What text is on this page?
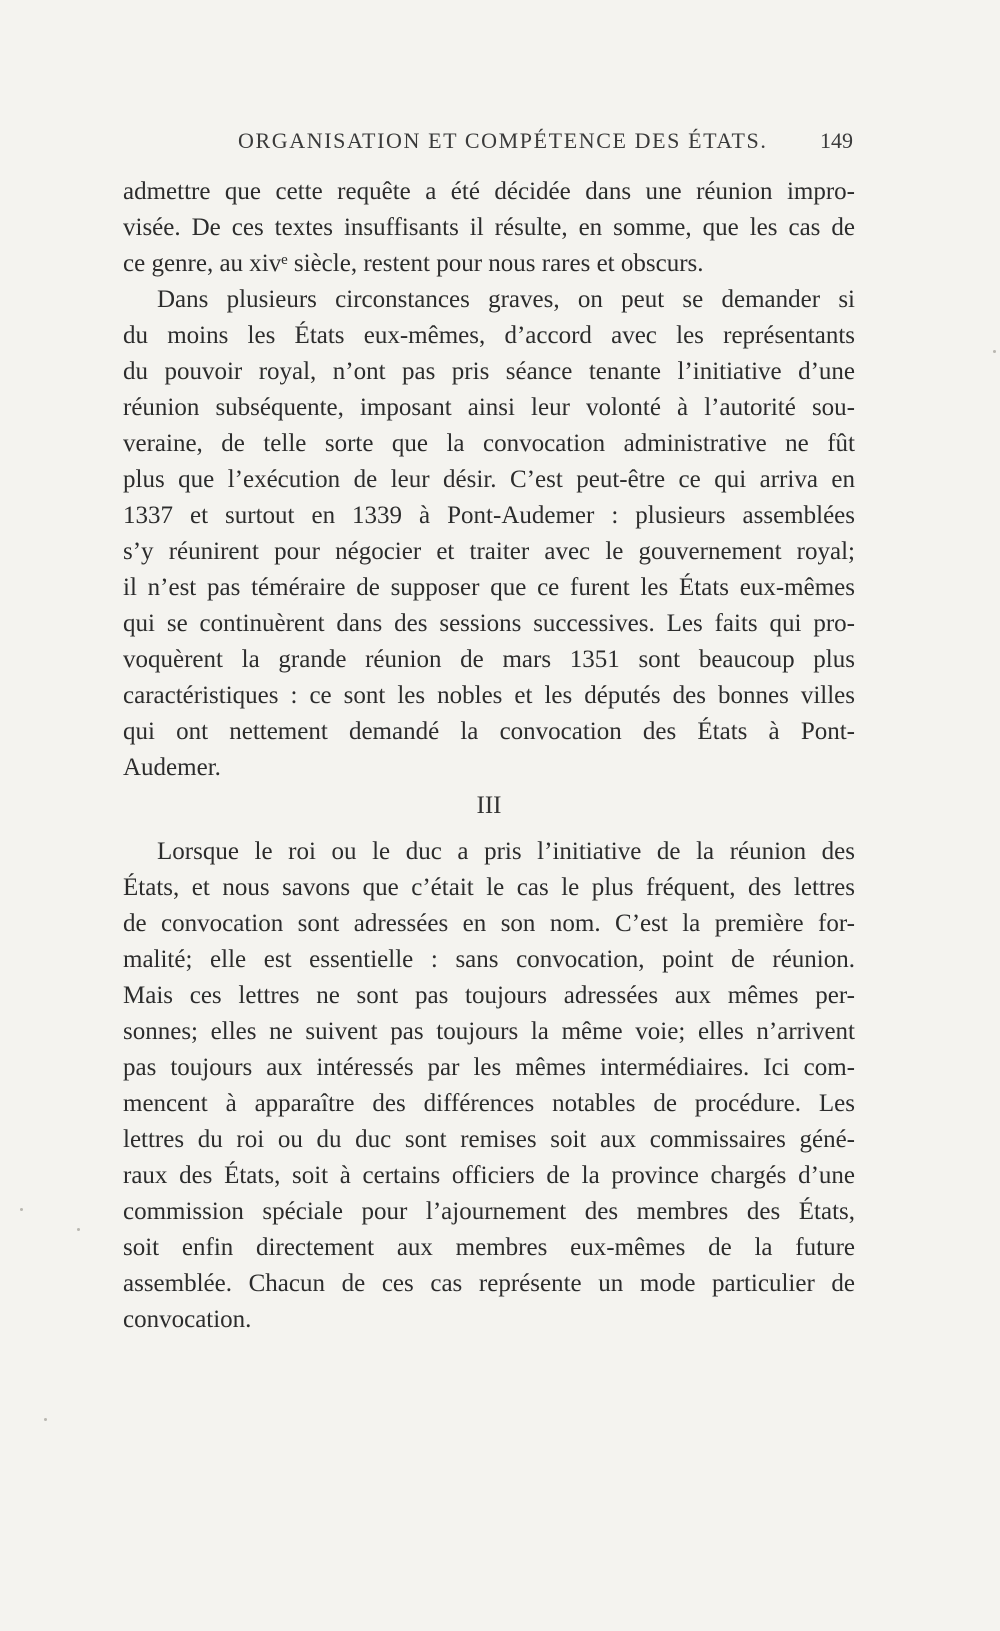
ORGANISATION ET COMPÉTENCE DES ÉTATS. 149
admettre que cette requête a été décidée dans une réunion impro-
visée. De ces textes insuffisants il résulte, en somme, que les cas de
ce genre, au xivᵉ siècle, restent pour nous rares et obscurs.
Dans plusieurs circonstances graves, on peut se demander si
du moins les États eux-mêmes, d’accord avec les représentants
du pouvoir royal, n’ont pas pris séance tenante l’initiative d’une
réunion subséquente, imposant ainsi leur volonté à l’autorité sou-
veraine, de telle sorte que la convocation administrative ne fût
plus que l’exécution de leur désir. C’est peut-être ce qui arriva en
1337 et surtout en 1339 à Pont-Audemer : plusieurs assemblées
s’y réunirent pour négocier et traiter avec le gouvernement royal;
il n’est pas téméraire de supposer que ce furent les États eux-mêmes
qui se continuèrent dans des sessions successives. Les faits qui pro-
voquèrent la grande réunion de mars 1351 sont beaucoup plus
caractéristiques : ce sont les nobles et les députés des bonnes villes
qui ont nettement demandé la convocation des États à Pont-
Audemer.
III
Lorsque le roi ou le duc a pris l’initiative de la réunion des
États, et nous savons que c’était le cas le plus fréquent, des lettres
de convocation sont adressées en son nom. C’est la première for-
malité; elle est essentielle : sans convocation, point de réunion.
Mais ces lettres ne sont pas toujours adressées aux mêmes per-
sonnes; elles ne suivent pas toujours la même voie; elles n’arrivent
pas toujours aux intéressés par les mêmes intermédiaires. Ici com-
mencent à apparaître des différences notables de procédure. Les
lettres du roi ou du duc sont remises soit aux commissaires géné-
raux des États, soit à certains officiers de la province chargés d’une
commission spéciale pour l’ajournement des membres des États,
soit enfin directement aux membres eux-mêmes de la future
assemblée. Chacun de ces cas représente un mode particulier de
convocation.
